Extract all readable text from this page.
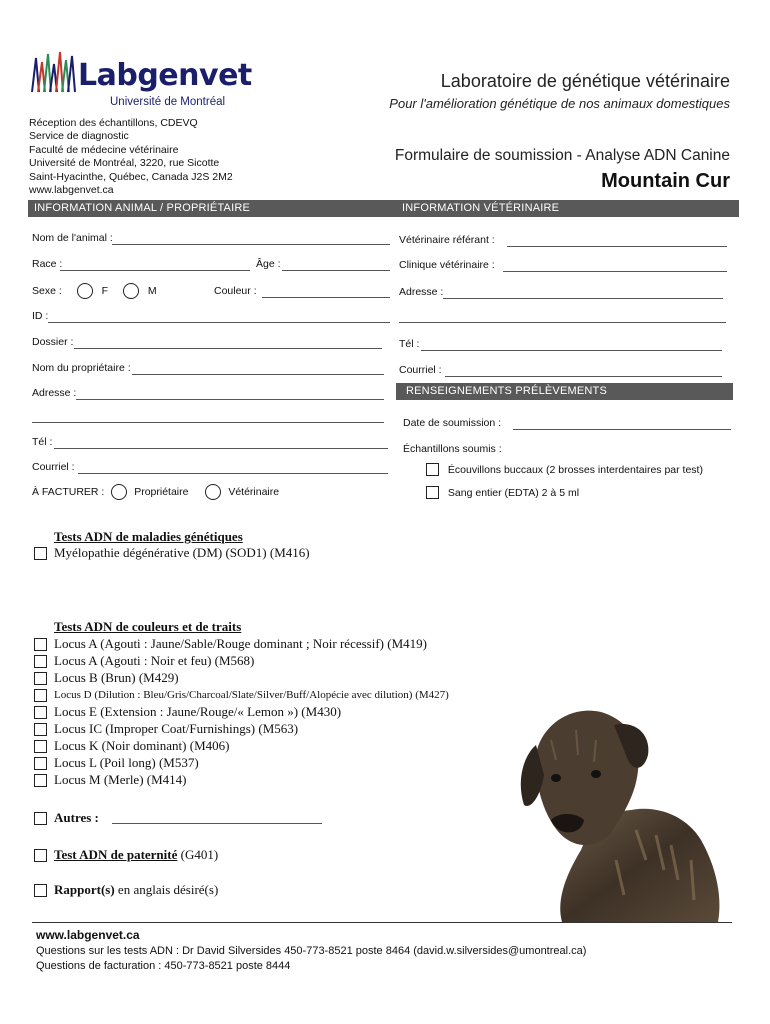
Labgenvet
Université de Montréal
Laboratoire de génétique vétérinaire
Pour l'amélioration génétique de nos animaux domestiques
Réception des échantillons, CDEVQ
Service de diagnostic
Faculté de médecine vétérinaire
Université de Montréal, 3220, rue Sicotte
Saint-Hyacinthe, Québec, Canada J2S 2M2
www.labgenvet.ca
Formulaire de soumission - Analyse ADN Canine
Mountain Cur
INFORMATION ANIMAL / PROPRIÉTAIRE	INFORMATION VÉTÉRINAIRE
Nom de l'animal :
Race :	Âge :
Sexe :	F	M	Couleur :
ID :
Dossier :
Nom du propriétaire :
Adresse :
Tél :
Courriel :
À FACTURER :	Propriétaire	Vétérinaire
Vétérinaire référant :
Clinique vétérinaire :
Adresse :
Tél :
Courriel :
RENSEIGNEMENTS PRÉLÈVEMENTS
Date de soumission :
Échantillons soumis :
Écouvillons buccaux (2 brosses interdentaires par test)
Sang entier (EDTA) 2 à 5 ml
Tests ADN de maladies génétiques
Myélopathie dégénérative (DM) (SOD1) (M416)
Tests ADN de couleurs et de traits
Locus A (Agouti : Jaune/Sable/Rouge dominant ; Noir récessif) (M419)
Locus A (Agouti : Noir et feu) (M568)
Locus B (Brun) (M429)
Locus D (Dilution : Bleu/Gris/Charcoal/Slate/Silver/Buff/Alopécie avec dilution) (M427)
Locus E (Extension : Jaune/Rouge/« Lemon ») (M430)
Locus IC (Improper Coat/Furnishings) (M563)
Locus K (Noir dominant) (M406)
Locus L (Poil long) (M537)
Locus M (Merle) (M414)
Autres :
Test ADN de paternité (G401)
Rapport(s) en anglais désiré(s)
www.labgenvet.ca
Questions sur les tests ADN : Dr David Silversides 450-773-8521 poste 8464 (david.w.silversides@umontreal.ca)
Questions de facturation : 450-773-8521 poste 8444
